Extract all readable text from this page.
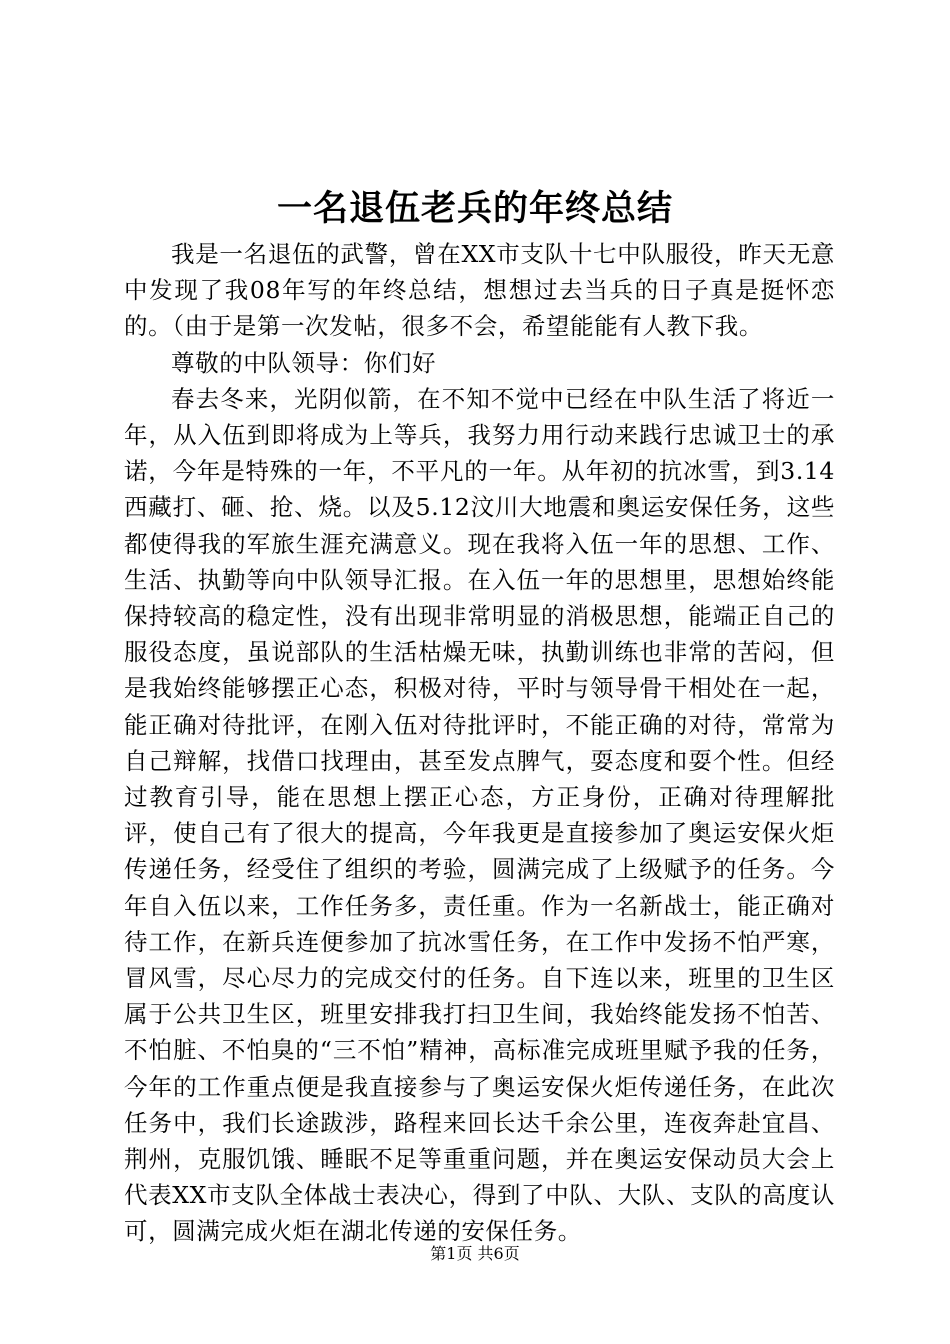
一名退伍老兵的年终总结

我是一名退伍的武警，曾在XX市支队十七中队服役，昨天无意中发现了我08年写的年终总结，想想过去当兵的日子真是挺怀恋的。（由于是第一次发帖，很多不会，希望能能有人教下我。

尊敬的中队领导：你们好

春去冬来，光阴似箭，在不知不觉中已经在中队生活了将近一年，从入伍到即将成为上等兵，我努力用行动来践行忠诚卫士的承诺，今年是特殊的一年，不平凡的一年。从年初的抗冰雪，到3.14西藏打、砸、抢、烧。以及5.12汶川大地震和奥运安保任务，这些都使得我的军旅生涯充满意义。现在我将入伍一年的思想、工作、生活、执勤等向中队领导汇报。在入伍一年的思想里，思想始终能保持较高的稳定性，没有出现非常明显的消极思想，能端正自己的服役态度，虽说部队的生活枯燥无味，执勤训练也非常的苦闷，但是我始终能够摆正心态，积极对待，平时与领导骨干相处在一起，能正确对待批评，在刚入伍对待批评时，不能正确的对待，常常为自己辩解，找借口找理由，甚至发点脾气，耍态度和耍个性。但经过教育引导，能在思想上摆正心态，方正身份，正确对待理解批评，使自己有了很大的提高，今年我更是直接参加了奥运安保火炬传递任务，经受住了组织的考验，圆满完成了上级赋予的任务。今年自入伍以来，工作任务多，责任重。作为一名新战士，能正确对待工作，在新兵连便参加了抗冰雪任务，在工作中发扬不怕严寒，冒风雪，尽心尽力的完成交付的任务。自下连以来，班里的卫生区属于公共卫生区，班里安排我打扫卫生间，我始终能发扬不怕苦、不怕脏、不怕臭的“三不怕”精神，高标准完成班里赋予我的任务，今年的工作重点便是我直接参与了奥运安保火炬传递任务，在此次任务中，我们长途跋涉，路程来回长达千余公里，连夜奔赴宜昌、荆州，克服饥饿、睡眠不足等重重问题，并在奥运安保动员大会上代表XX市支队全体战士表决心，得到了中队、大队、支队的高度认可，圆满完成火炬在湖北传递的安保任务。

第1页 共6页
